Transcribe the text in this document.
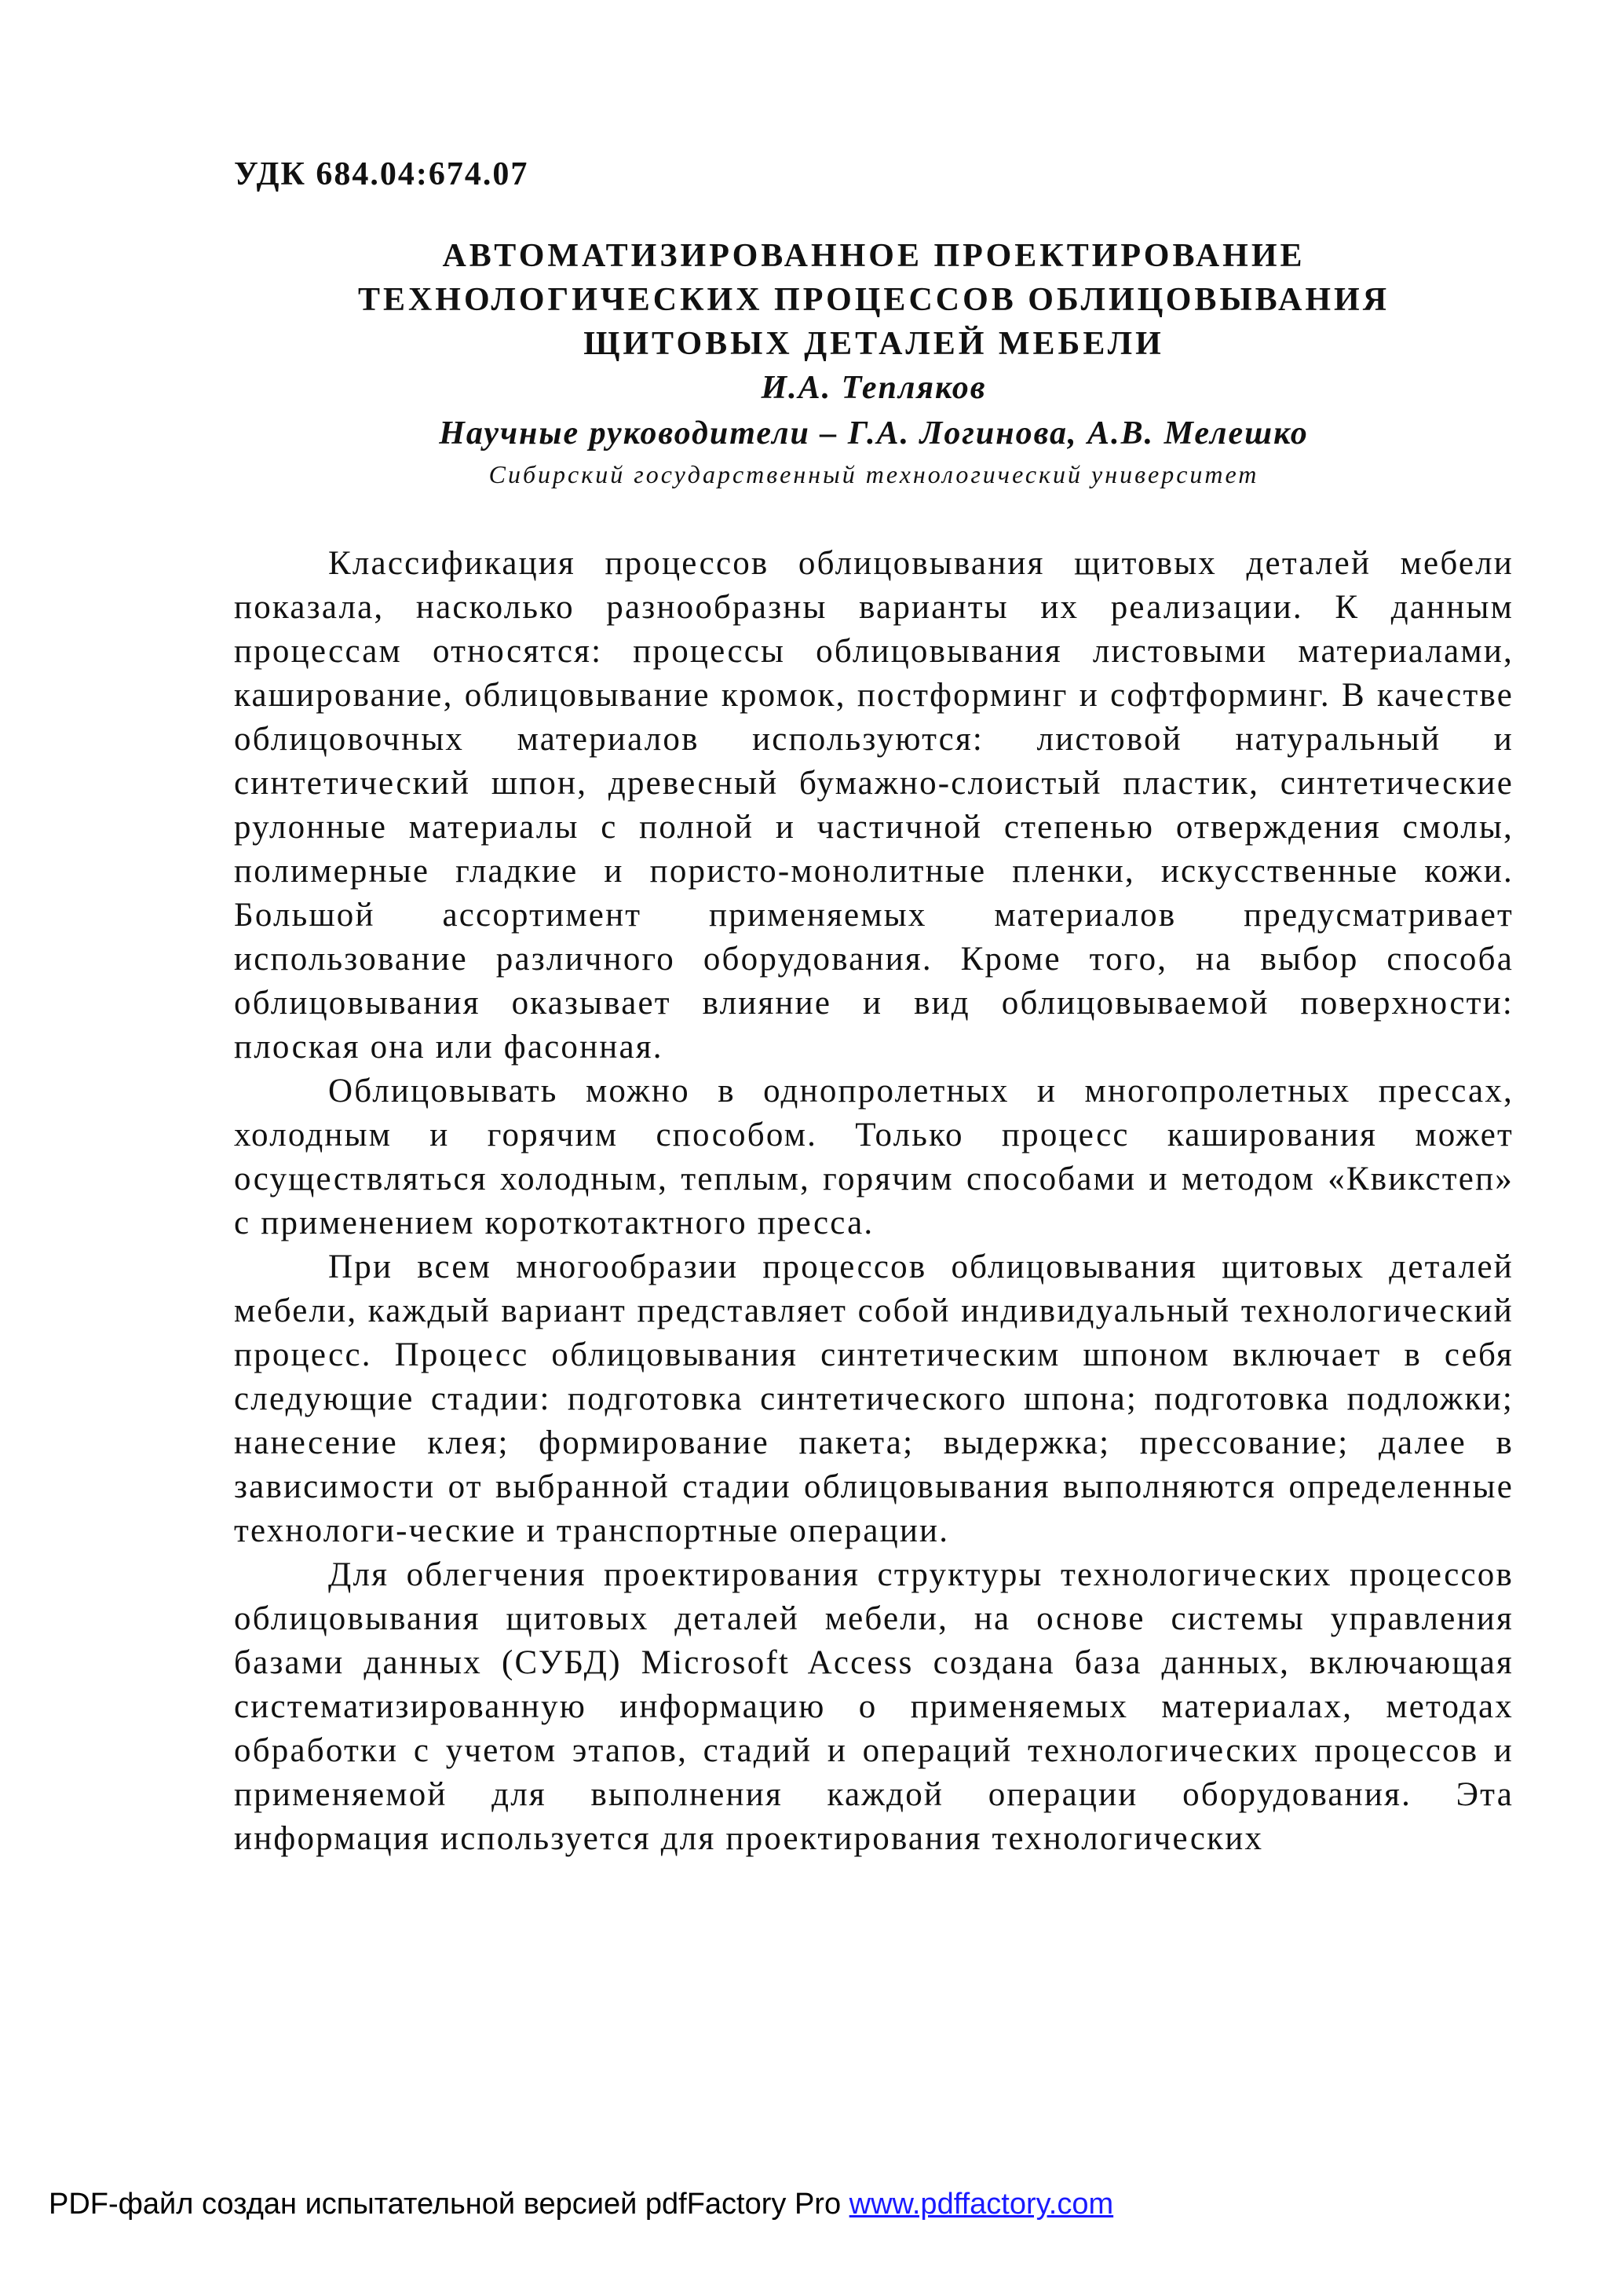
УДК 684.04:674.07
АВТОМАТИЗИРОВАННОЕ ПРОЕКТИРОВАНИЕ
ТЕХНОЛОГИЧЕСКИХ ПРОЦЕССОВ ОБЛИЦОВЫВАНИЯ
ЩИТОВЫХ ДЕТАЛЕЙ МЕБЕЛИ
И.А. Тепляков
Научные руководители – Г.А. Логинова, А.В. Мелешко
Сибирский государственный технологический университет

Классификация процессов облицовывания щитовых деталей мебели показала, насколько разнообразны варианты их реализации. К данным процессам относятся: процессы облицовывания листовыми материалами, каширование, облицовывание кромок, постформинг и софтформинг. В качестве облицовочных материалов используются: листовой натуральный и синтетический шпон, древесный бумажно-слоистый пластик, синтетические рулонные материалы с полной и частичной степенью отверждения смолы, полимерные гладкие и пористо-монолитные пленки, искусственные кожи. Большой ассортимент применяемых материалов предусматривает использование различного оборудования. Кроме того, на выбор способа облицовывания оказывает влияние и вид облицовываемой поверхности: плоская она или фасонная.

Облицовывать можно в однопролетных и многопролетных прессах, холодным и горячим способом. Только процесс каширования может осуществляться холодным, теплым, горячим способами и методом «Квикстеп» с применением короткотактного пресса.

При всем многообразии процессов облицовывания щитовых деталей мебели, каждый вариант представляет собой индивидуальный технологический процесс. Процесс облицовывания синтетическим шпоном включает в себя следующие стадии: подготовка синтетического шпона; подготовка подложки; нанесение клея; формирование пакета; выдержка; прессование; далее в зависимости от выбранной стадии облицовывания выполняются определенные технологи-ческие и транспортные операции.

Для облегчения проектирования структуры технологических процессов облицовывания щитовых деталей мебели, на основе системы управления базами данных (СУБД) Microsoft Access создана база данных, включающая систематизированную информацию о применяемых материалах, методах обработки с учетом этапов, стадий и операций технологических процессов и применяемой для выполнения каждой операции оборудования. Эта информация используется для проектирования технологических

PDF-файл создан испытательной версией pdfFactory Pro www.pdffactory.com
